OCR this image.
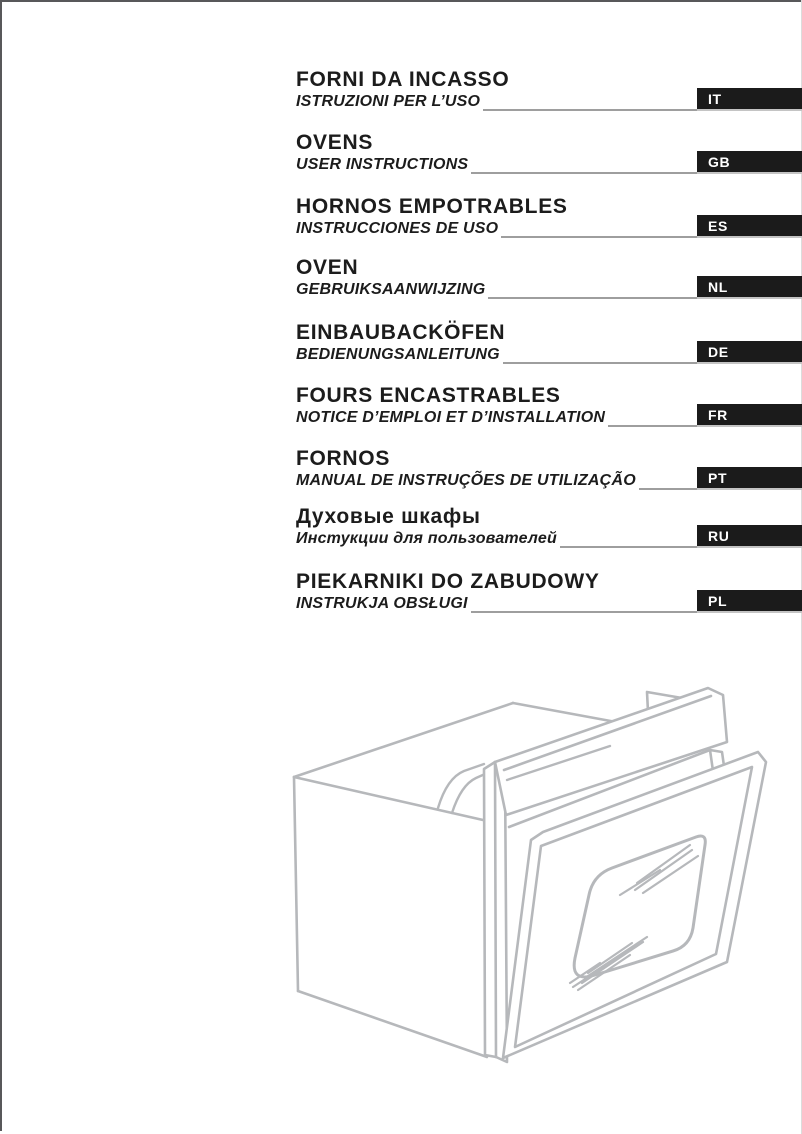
FORNI DA INCASSO
ISTRUZIONI PER L’USO	IT
OVENS
USER INSTRUCTIONS	GB
HORNOS EMPOTRABLES
INSTRUCCIONES DE USO	ES
OVEN
GEBRUIKSAANWIJZING	NL
EINBAUBACKÖFEN
BEDIENUNGSANLEITUNG	DE
FOURS ENCASTRABLES
NOTICE D’EMPLOI ET D’INSTALLATION	FR
FORNOS
MANUAL DE INSTRUÇÕES DE UTILIZAÇÃO	PT
Духовые шкафы
Инстукции для пользователей	RU
PIEKARNIKI DO ZABUDOWY
INSTRUKJA OBSŁUGI	PL
